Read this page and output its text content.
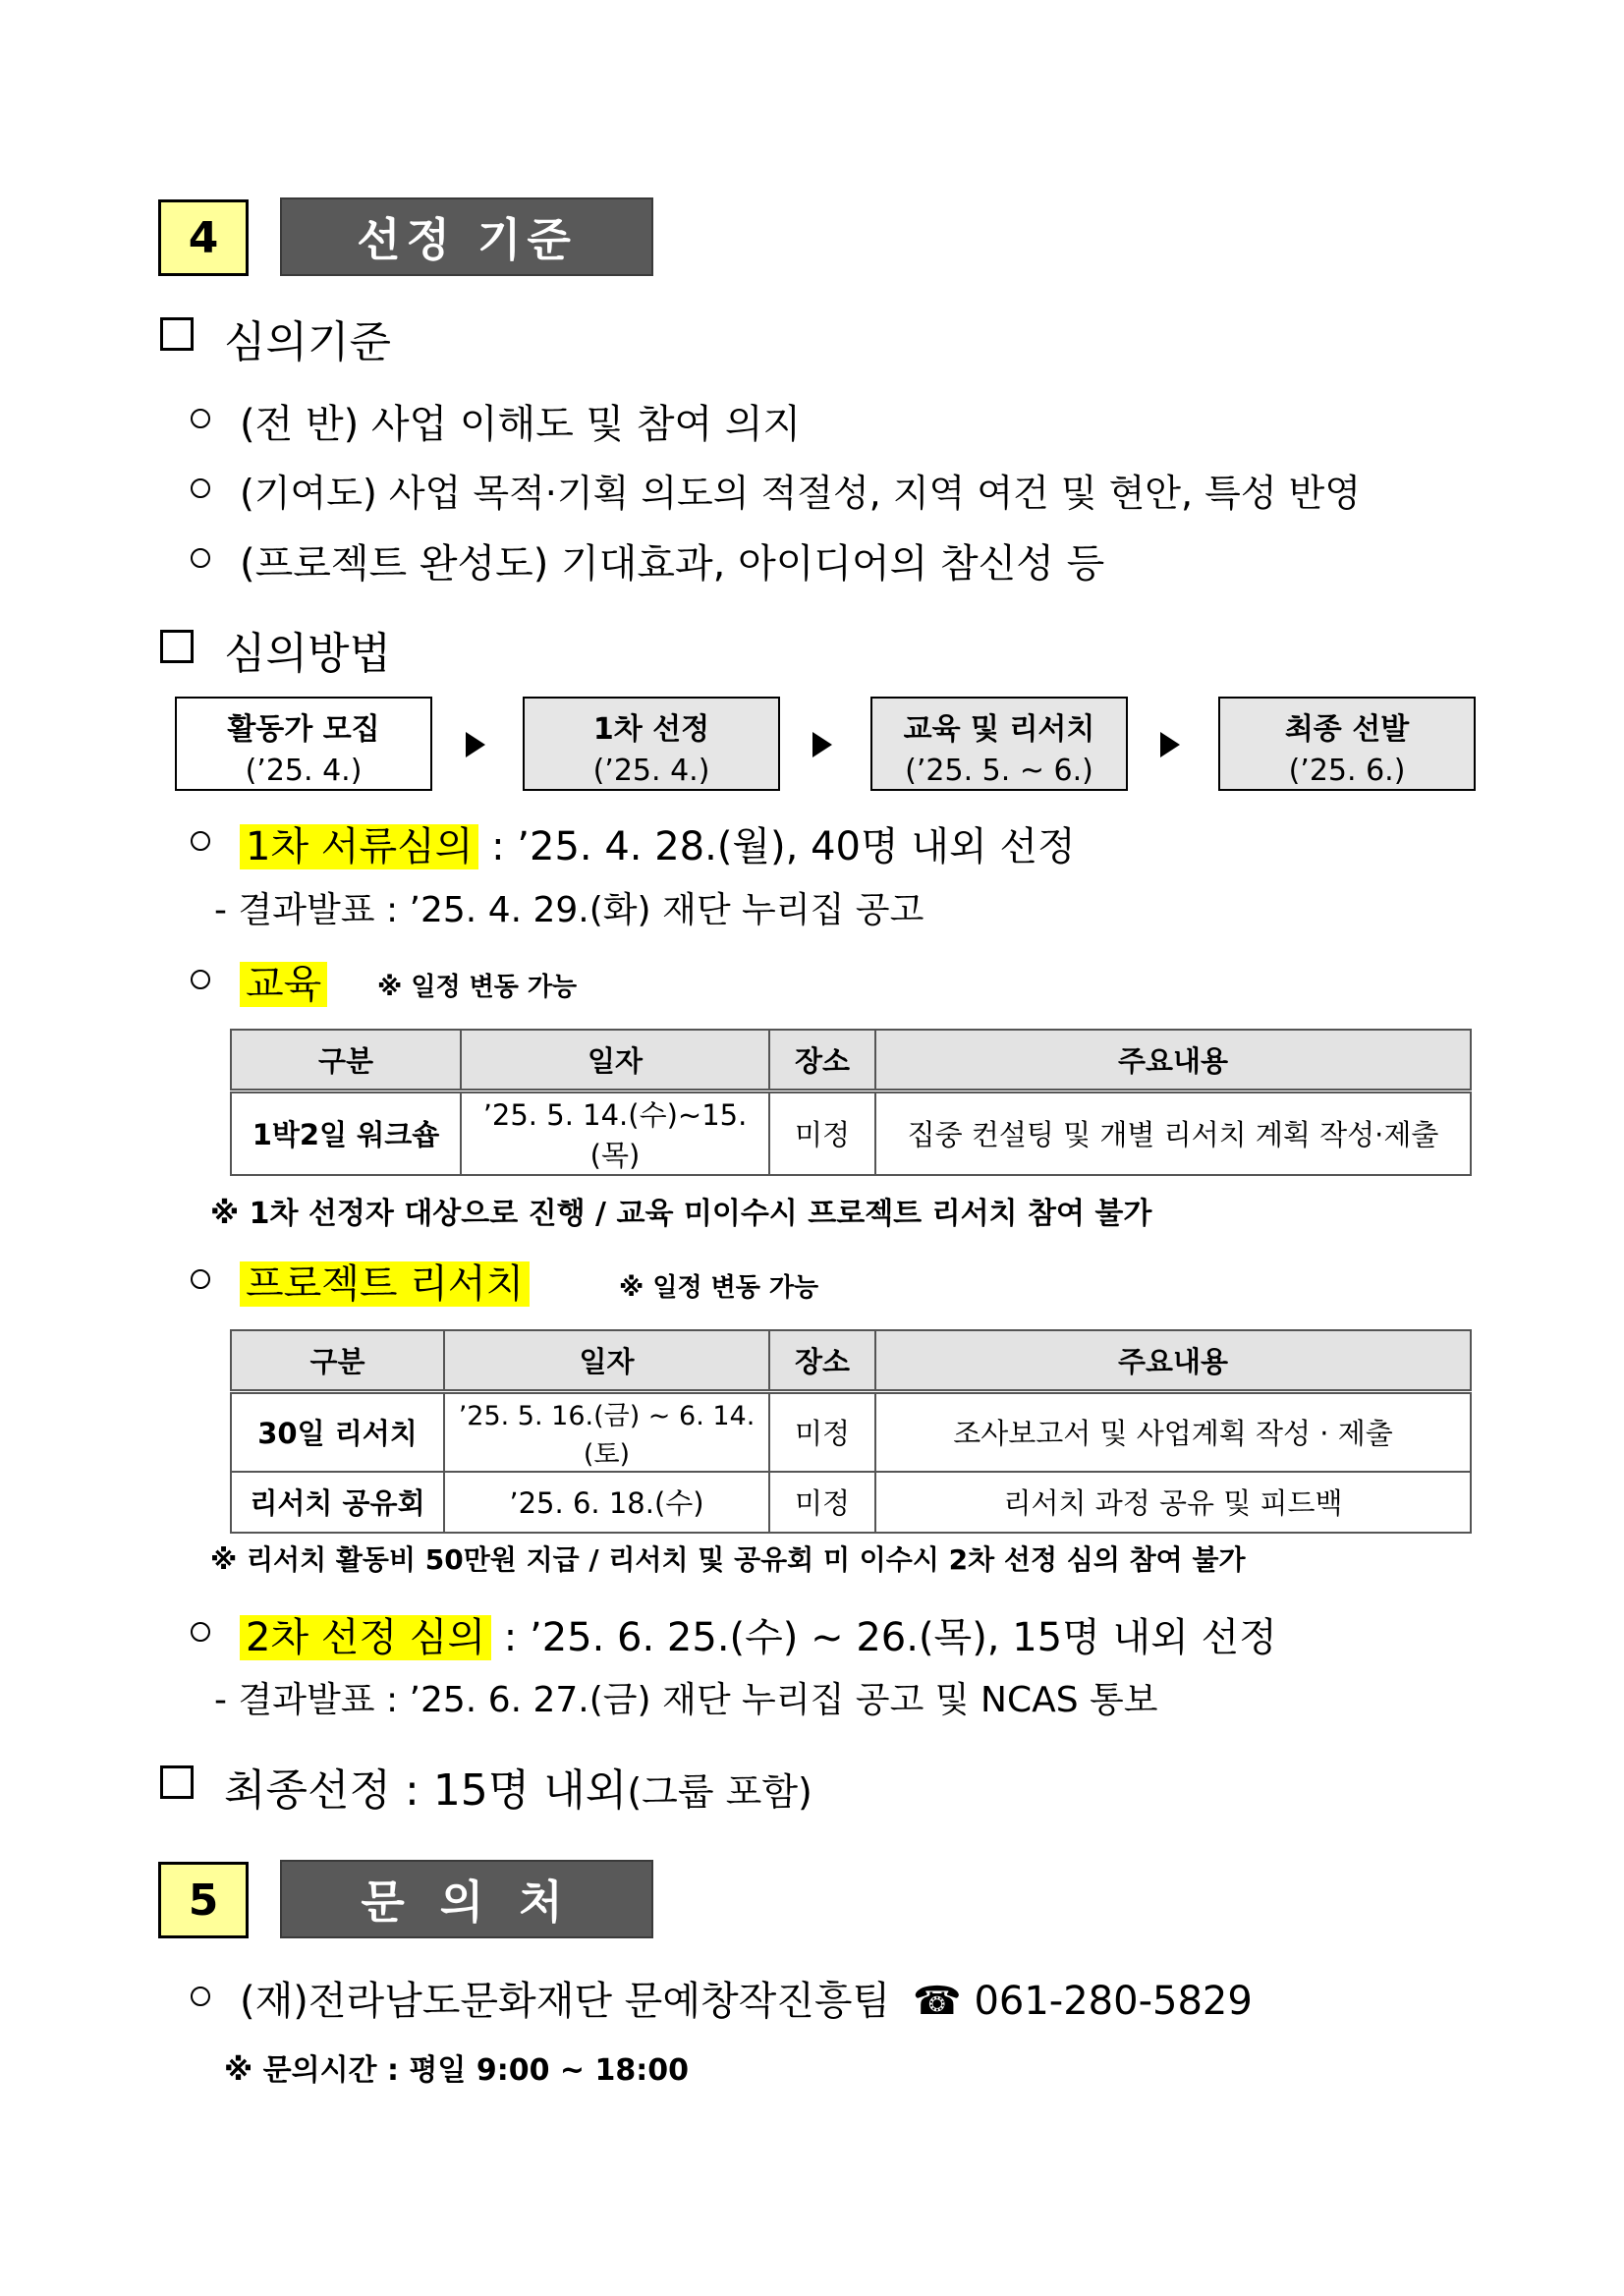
4	선정 기준
심의기준
(전 반) 사업 이해도 및 참여 의지
(기여도) 사업 목적·기획 의도의 적절성, 지역 여건 및 현안, 특성 반영
(프로젝트 완성도) 기대효과, 아이디어의 참신성 등
심의방법
활동가 모집
(’25. 4.)
1차 선정
(’25. 4.)
교육 및 리서치
(’25. 5. ~ 6.)
최종 선발
(’25. 6.)
1차 서류심의 : ’25. 4. 28.(월), 40명 내외 선정
- 결과발표 : ’25. 4. 29.(화) 재단 누리집 공고
교육 ※ 일정 변동 가능
구분	일자	장소	주요내용
1박2일 워크숍	’25. 5. 14.(수)~15.(목)	미정	집중 컨설팅 및 개별 리서치 계획 작성·제출
※ 1차 선정자 대상으로 진행 / 교육 미이수시 프로젝트 리서치 참여 불가
프로젝트 리서치	※ 일정 변동 가능
구분	일자	장소	주요내용
30일 리서치	’25. 5. 16.(금) ~ 6. 14.(토)	미정	조사보고서 및 사업계획 작성 · 제출
리서치 공유회	’25. 6. 18.(수)	미정	리서치 과정 공유 및 피드백
※ 리서치 활동비 50만원 지급 / 리서치 및 공유회 미 이수시 2차 선정 심의 참여 불가
2차 선정 심의 : ’25. 6. 25.(수) ~ 26.(목), 15명 내외 선정
- 결과발표 : ’25. 6. 27.(금) 재단 누리집 공고 및 NCAS 통보
최종선정 : 15명 내외(그룹 포함)
5	문 의 처
(재)전라남도문화재단 문예창작진흥팀 ☎ 061-280-5829
※ 문의시간 : 평일 9:00 ~ 18:00
